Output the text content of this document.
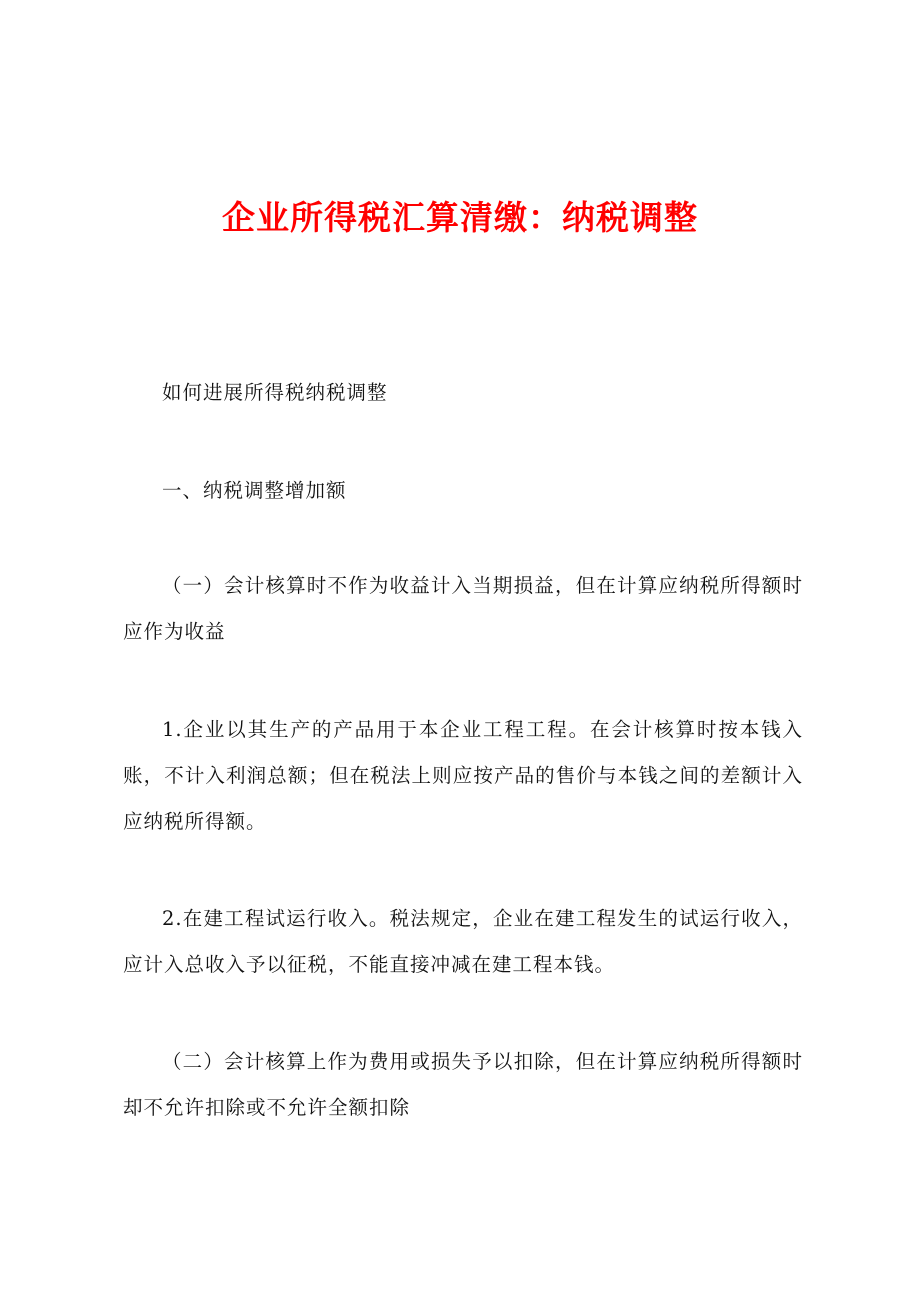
企业所得税汇算清缴：纳税调整

如何进展所得税纳税调整

一、纳税调整增加额

（一）会计核算时不作为收益计入当期损益，但在计算应纳税所得额时应作为收益

1.企业以其生产的产品用于本企业工程工程。在会计核算时按本钱入账，不计入利润总额；但在税法上则应按产品的售价与本钱之间的差额计入应纳税所得额。

2.在建工程试运行收入。税法规定，企业在建工程发生的试运行收入，应计入总收入予以征税，不能直接冲减在建工程本钱。

（二）会计核算上作为费用或损失予以扣除，但在计算应纳税所得额时却不允许扣除或不允许全额扣除
